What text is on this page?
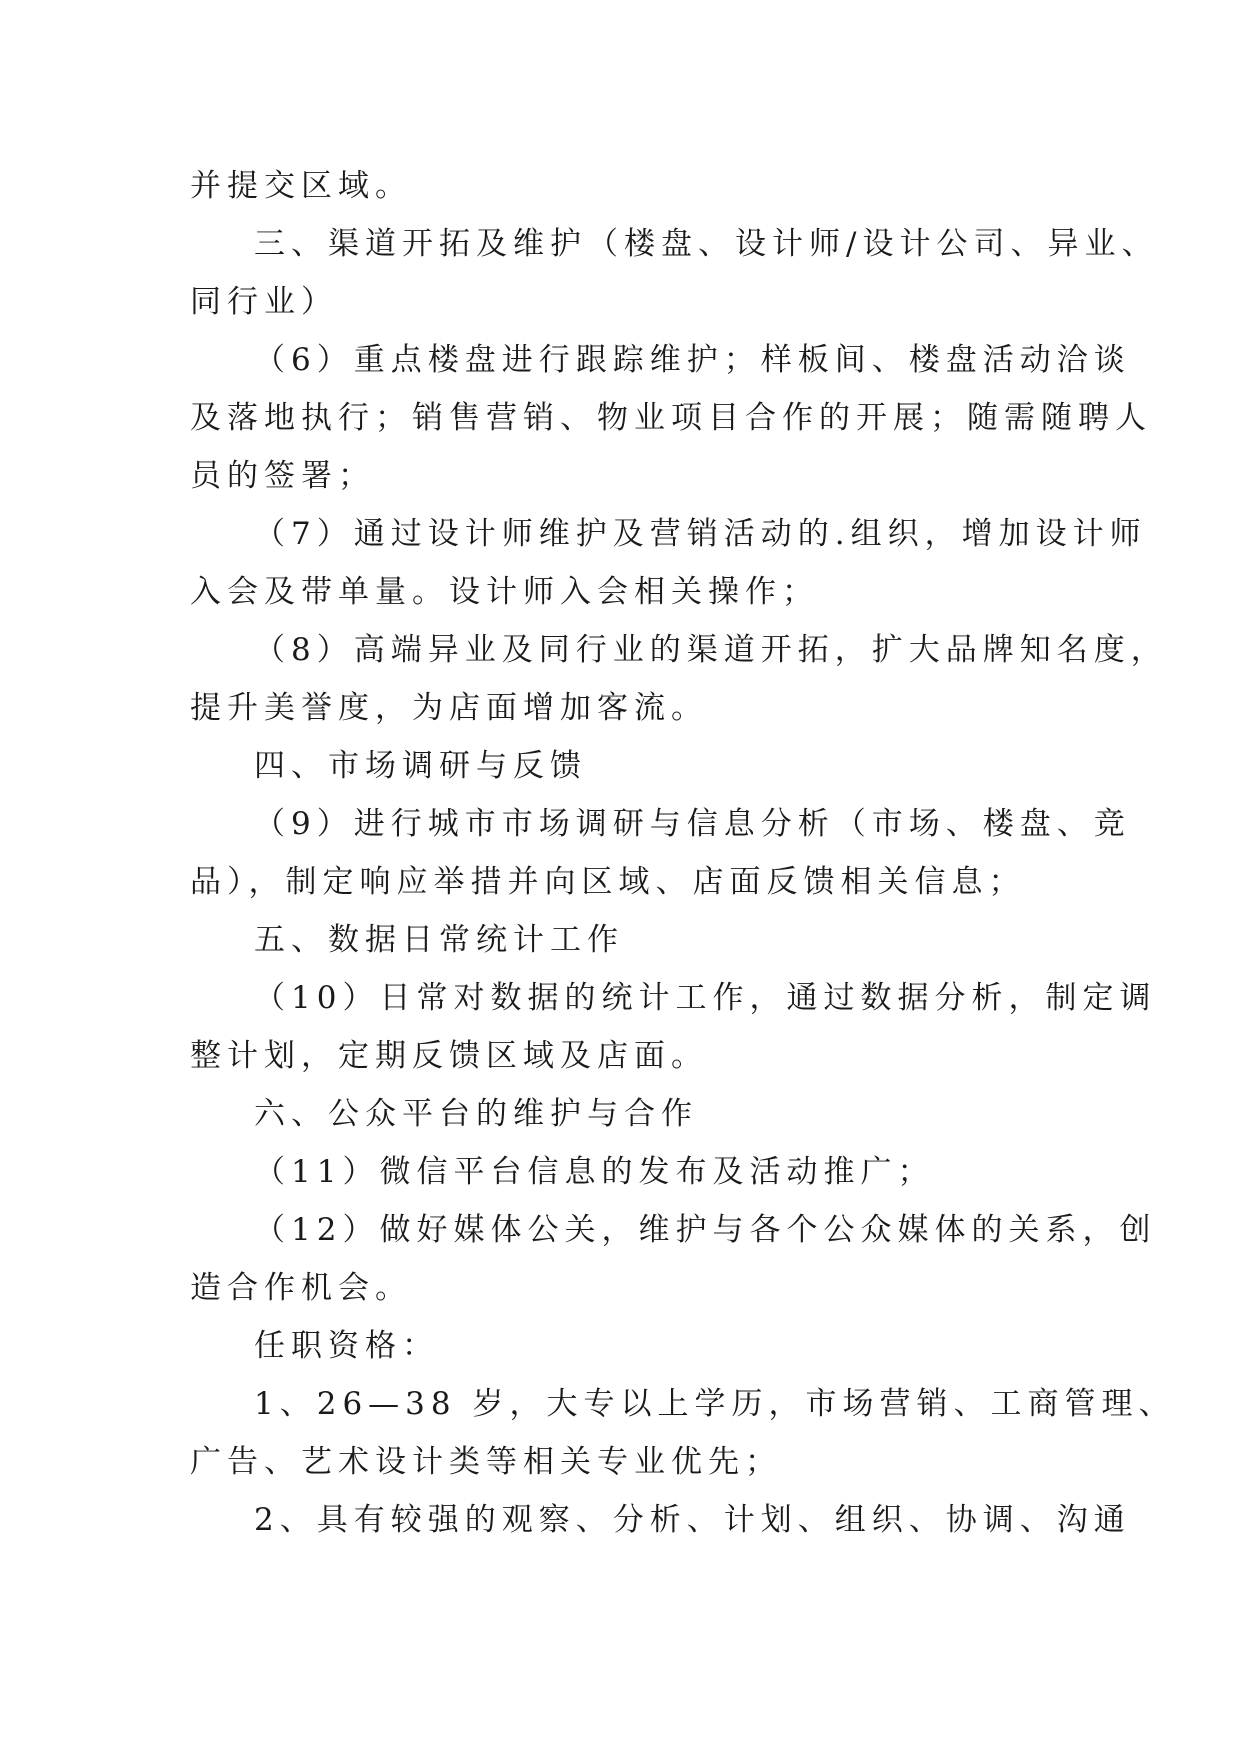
并提交区域。
三、渠道开拓及维护（楼盘、设计师/设计公司、异业、
同行业）
（6）重点楼盘进行跟踪维护；样板间、楼盘活动洽谈
及落地执行；销售营销、物业项目合作的开展；随需随聘人
员的签署；
（7）通过设计师维护及营销活动的.组织，增加设计师
入会及带单量。设计师入会相关操作；
（8）高端异业及同行业的渠道开拓，扩大品牌知名度，
提升美誉度，为店面增加客流。
四、市场调研与反馈
（9）进行城市市场调研与信息分析（市场、楼盘、竞
品），制定响应举措并向区域、店面反馈相关信息；
五、数据日常统计工作
（10）日常对数据的统计工作，通过数据分析，制定调
整计划，定期反馈区域及店面。
六、公众平台的维护与合作
（11）微信平台信息的发布及活动推广；
（12）做好媒体公关，维护与各个公众媒体的关系，创
造合作机会。
任职资格：
1、26—38 岁，大专以上学历，市场营销、工商管理、
广告、艺术设计类等相关专业优先；
2、具有较强的观察、分析、计划、组织、协调、沟通
